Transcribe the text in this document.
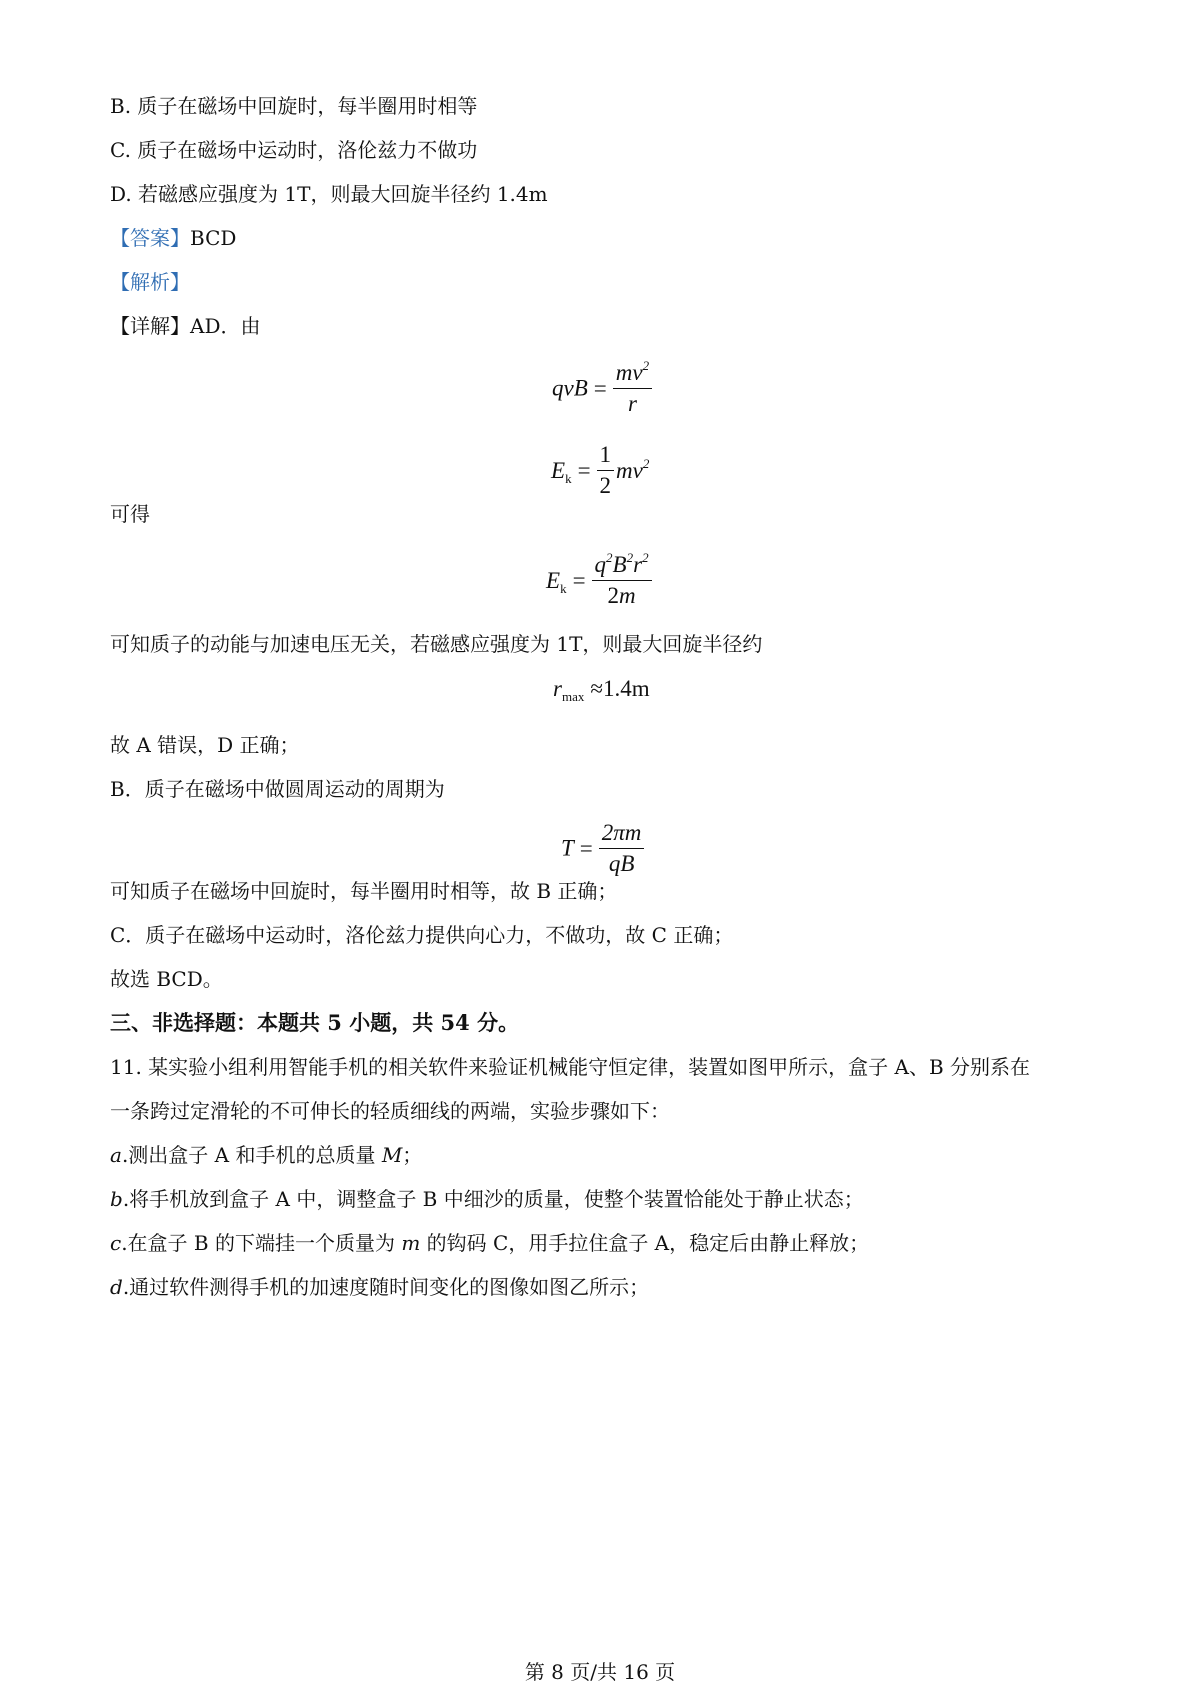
B. 质子在磁场中回旋时，每半圈用时相等
C. 质子在磁场中运动时，洛伦兹力不做功
D. 若磁感应强度为 1T，则最大回旋半径约 1.4m
【答案】BCD
【解析】
【详解】AD．由
qvB = $\frac{mv^2}{r}$
$E_k = \frac{1}{2} mv^2$
可得
$E_k = \frac{q^2B^2r^2}{2m}$
可知质子的动能与加速电压无关，若磁感应强度为 1T，则最大回旋半径约
$r_{max} \approx 1.4m$
故 A 错误，D 正确；
B．质子在磁场中做圆周运动的周期为
$T = \frac{2\pi m}{qB}$
可知质子在磁场中回旋时，每半圈用时相等，故 B 正确；
C．质子在磁场中运动时，洛伦兹力提供向心力，不做功，故 C 正确；
故选 BCD。
三、非选择题：本题共 5 小题，共 54 分。
11. 某实验小组利用智能手机的相关软件来验证机械能守恒定律，装置如图甲所示，盒子 A、B 分别系在
一条跨过定滑轮的不可伸长的轻质细线的两端，实验步骤如下：
a.测出盒子 A 和手机的总质量 M；
b.将手机放到盒子 A 中，调整盒子 B 中细沙的质量，使整个装置恰能处于静止状态；
c.在盒子 B 的下端挂一个质量为 m 的钩码 C，用手拉住盒子 A，稳定后由静止释放；
d.通过软件测得手机的加速度随时间变化的图像如图乙所示；
第 8 页/共 16 页
